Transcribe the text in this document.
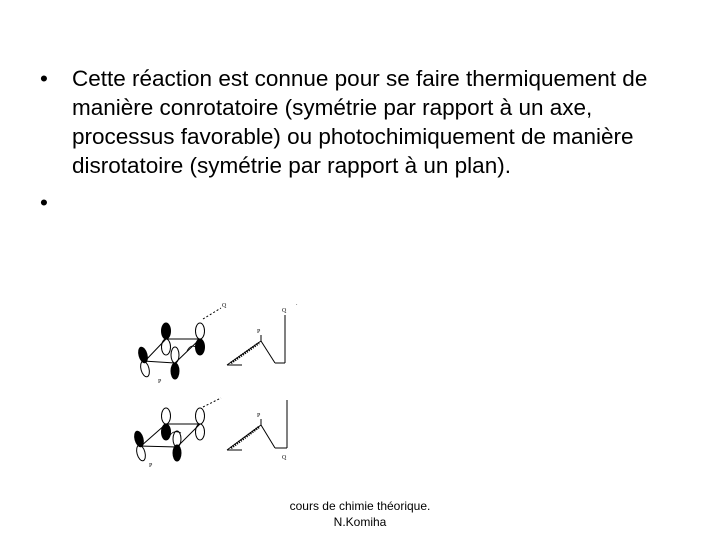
• Cette réaction est connue pour se faire thermiquement de manière conrotatoire (symétrie par rapport à un axe, processus favorable) ou photochimiquement de manière disrotatoire (symétrie par rapport à un plan).
•
Q
P
P
Q
.
P
P
Q
cours de chimie théorique.
N.Komiha
